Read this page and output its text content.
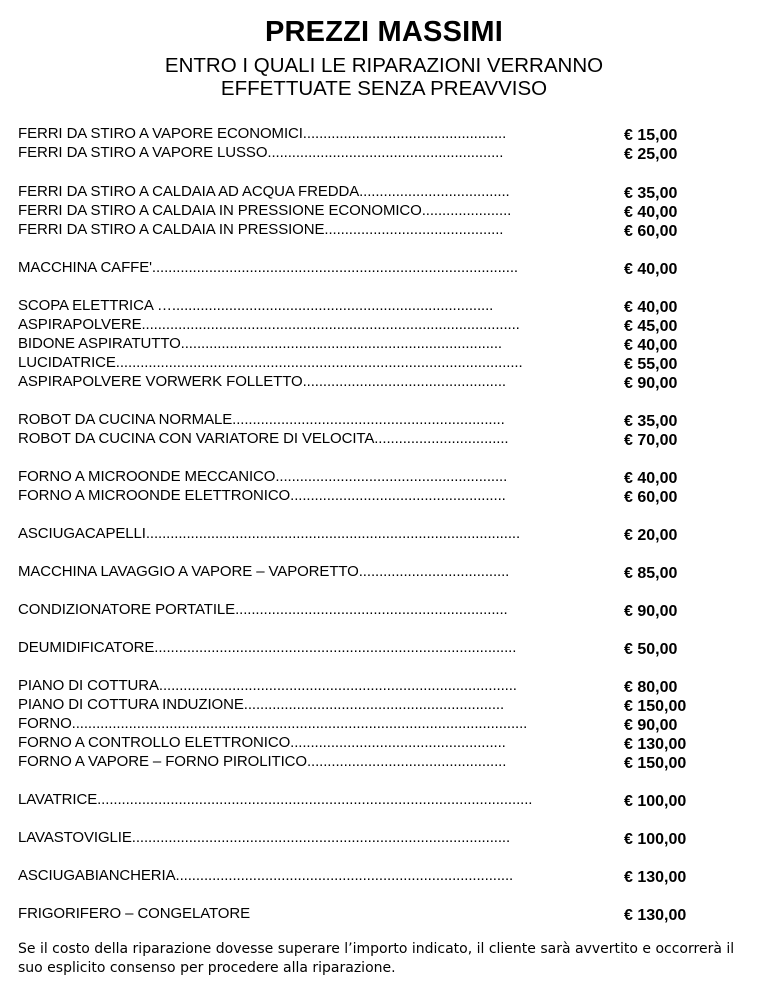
PREZZI MASSIMI
ENTRO I QUALI LE RIPARAZIONI VERRANNO
EFFETTUATE SENZA PREAVVISO
FERRI DA STIRO A VAPORE ECONOMICI..................................................	€ 15,00
FERRI DA STIRO A VAPORE LUSSO..........................................................	€ 25,00
FERRI DA STIRO A CALDAIA AD ACQUA FREDDA.....................................	€ 35,00
FERRI DA STIRO A CALDAIA IN PRESSIONE ECONOMICO......................	€ 40,00
FERRI DA STIRO A CALDAIA IN PRESSIONE............................................	€ 60,00
MACCHINA CAFFE'..........................................................................................	€ 40,00
SCOPA ELETTRICA …...............................................................................	€ 40,00
ASPIRAPOLVERE.............................................................................................	€ 45,00
BIDONE ASPIRATUTTO...............................................................................	€ 40,00
LUCIDATRICE....................................................................................................	€ 55,00
ASPIRAPOLVERE VORWERK FOLLETTO..................................................	€ 90,00
ROBOT DA CUCINA NORMALE...................................................................	€ 35,00
ROBOT DA CUCINA CON VARIATORE DI VELOCITA.................................	€ 70,00
FORNO A MICROONDE MECCANICO.........................................................	€ 40,00
FORNO A MICROONDE ELETTRONICO.....................................................	€ 60,00
ASCIUGACAPELLI............................................................................................	€ 20,00
MACCHINA LAVAGGIO A VAPORE – VAPORETTO.....................................	€ 85,00
CONDIZIONATORE PORTATILE...................................................................	€ 90,00
DEUMIDIFICATORE.........................................................................................	€ 50,00
PIANO DI COTTURA........................................................................................	€ 80,00
PIANO DI COTTURA INDUZIONE................................................................	€ 150,00
FORNO................................................................................................................	€ 90,00
FORNO A CONTROLLO ELETTRONICO.....................................................	€ 130,00
FORNO A VAPORE – FORNO PIROLITICO.................................................	€ 150,00
LAVATRICE...........................................................................................................	€ 100,00
LAVASTOVIGLIE.............................................................................................	€ 100,00
ASCIUGABIANCHERIA...................................................................................	€ 130,00
FRIGORIFERO – CONGELATORE	€ 130,00
Se il costo della riparazione dovesse superare l’importo indicato, il cliente sarà avvertito e occorrerà il suo esplicito consenso per procedere alla riparazione.
